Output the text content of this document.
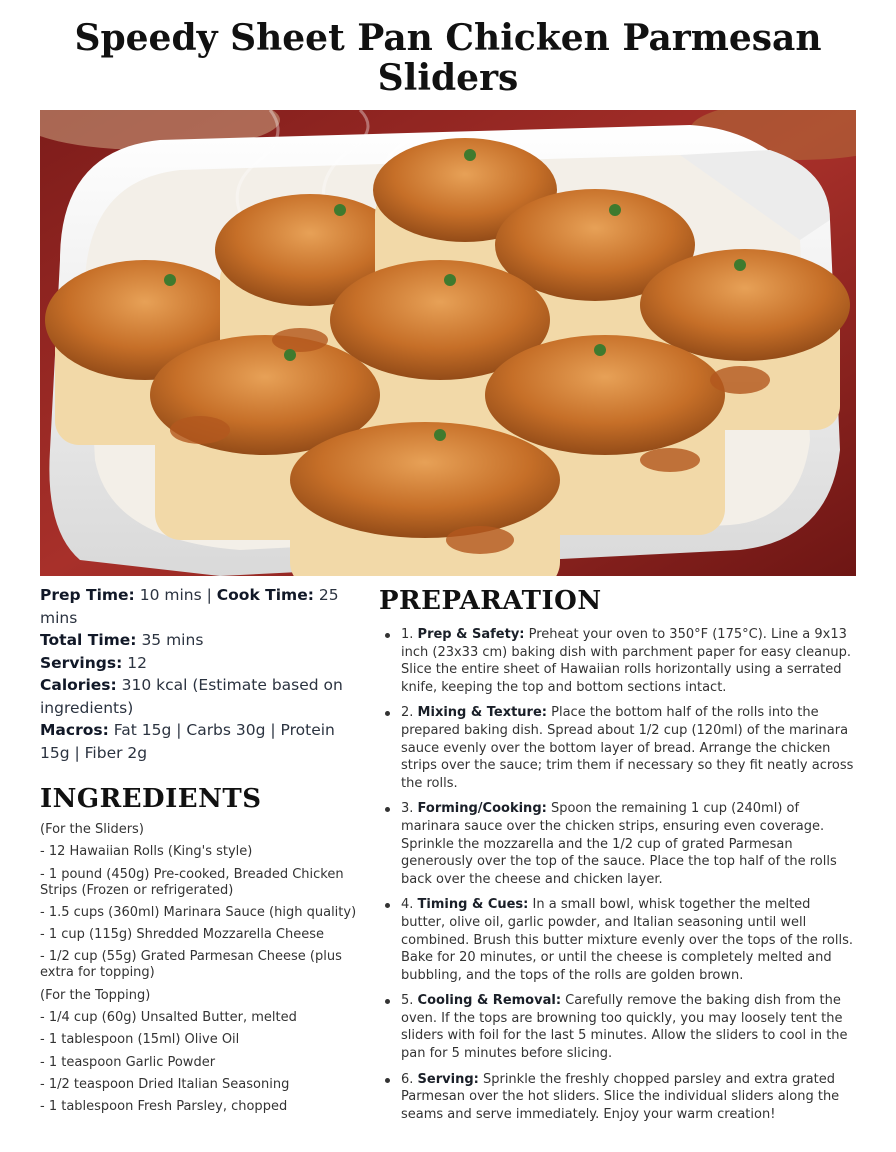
Speedy Sheet Pan Chicken Parmesan Sliders

Prep Time: 10 mins | Cook Time: 25 mins

Total Time: 35 mins

Servings: 12

Calories: 310 kcal (Estimate based on ingredients)

Macros: Fat 15g | Carbs 30g | Protein 15g | Fiber 2g

INGREDIENTS
(For the Sliders)
- 12 Hawaiian Rolls (King's style)
- 1 pound (450g) Pre-cooked, Breaded Chicken Strips (Frozen or refrigerated)
- 1.5 cups (360ml) Marinara Sauce (high quality)
- 1 cup (115g) Shredded Mozzarella Cheese
- 1/2 cup (55g) Grated Parmesan Cheese (plus extra for topping)
(For the Topping)
- 1/4 cup (60g) Unsalted Butter, melted
- 1 tablespoon (15ml) Olive Oil
- 1 teaspoon Garlic Powder
- 1/2 teaspoon Dried Italian Seasoning
- 1 tablespoon Fresh Parsley, chopped
PREPARATION
1. Prep & Safety: Preheat your oven to 350°F (175°C). Line a 9x13 inch (23x33 cm) baking dish with parchment paper for easy cleanup. Slice the entire sheet of Hawaiian rolls horizontally using a serrated knife, keeping the top and bottom sections intact.
2. Mixing & Texture: Place the bottom half of the rolls into the prepared baking dish. Spread about 1/2 cup (120ml) of the marinara sauce evenly over the bottom layer of bread. Arrange the chicken strips over the sauce; trim them if necessary so they fit neatly across the rolls.
3. Forming/Cooking: Spoon the remaining 1 cup (240ml) of marinara sauce over the chicken strips, ensuring even coverage. Sprinkle the mozzarella and the 1/2 cup of grated Parmesan generously over the top of the sauce. Place the top half of the rolls back over the cheese and chicken layer.
4. Timing & Cues: In a small bowl, whisk together the melted butter, olive oil, garlic powder, and Italian seasoning until well combined. Brush this butter mixture evenly over the tops of the rolls. Bake for 20 minutes, or until the cheese is completely melted and bubbling, and the tops of the rolls are golden brown.
5. Cooling & Removal: Carefully remove the baking dish from the oven. If the tops are browning too quickly, you may loosely tent the sliders with foil for the last 5 minutes. Allow the sliders to cool in the pan for 5 minutes before slicing.
6. Serving: Sprinkle the freshly chopped parsley and extra grated Parmesan over the hot sliders. Slice the individual sliders along the seams and serve immediately. Enjoy your warm creation!
